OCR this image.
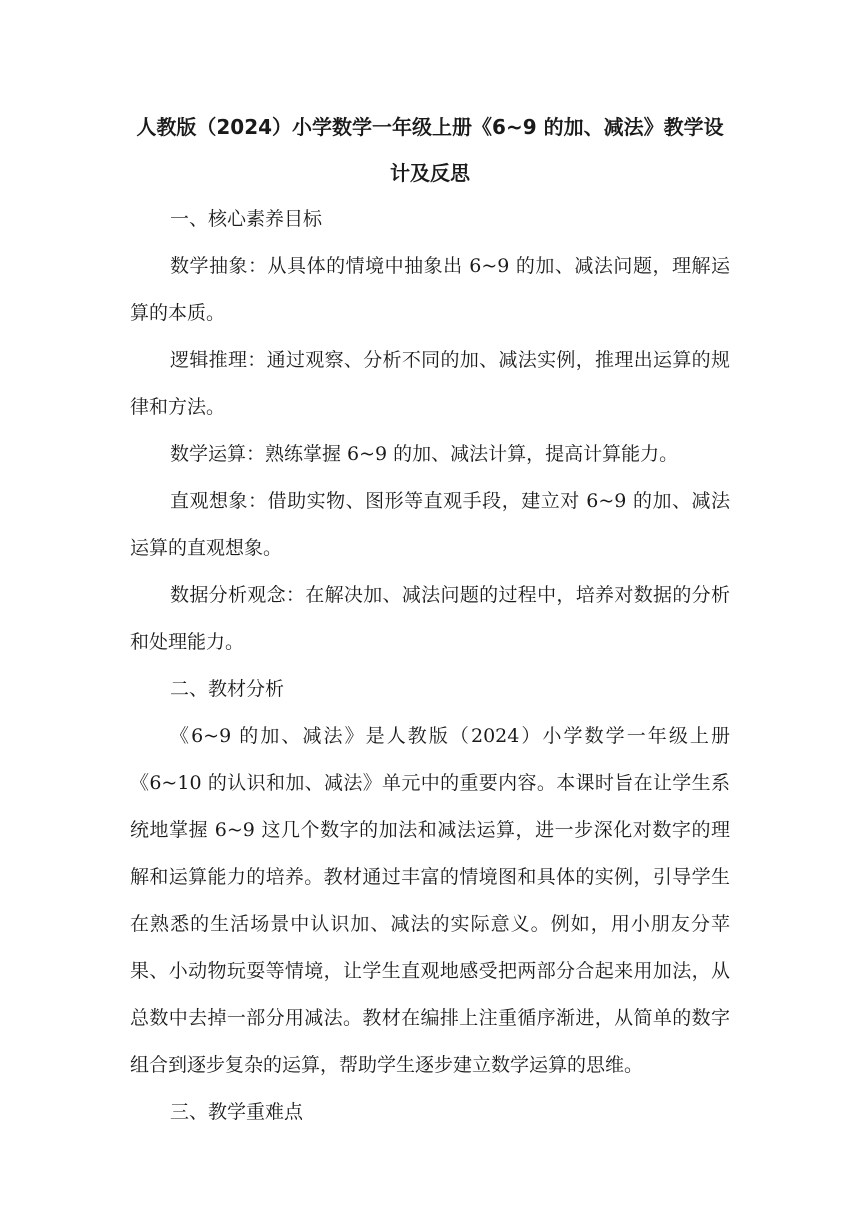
人教版（2024）小学数学一年级上册《6~9 的加、减法》教学设
计及反思

一、核心素养目标

数学抽象：从具体的情境中抽象出 6~9 的加、减法问题，理解运算的本质。

逻辑推理：通过观察、分析不同的加、减法实例，推理出运算的规律和方法。

数学运算：熟练掌握 6~9 的加、减法计算，提高计算能力。

直观想象：借助实物、图形等直观手段，建立对 6~9 的加、减法运算的直观想象。

数据分析观念：在解决加、减法问题的过程中，培养对数据的分析和处理能力。

二、教材分析

《6~9 的加、减法》是人教版（2024）小学数学一年级上册《6~10 的认识和加、减法》单元中的重要内容。本课时旨在让学生系统地掌握 6~9 这几个数字的加法和减法运算，进一步深化对数字的理解和运算能力的培养。教材通过丰富的情境图和具体的实例，引导学生在熟悉的生活场景中认识加、减法的实际意义。例如，用小朋友分苹果、小动物玩耍等情境，让学生直观地感受把两部分合起来用加法，从总数中去掉一部分用减法。教材在编排上注重循序渐进，从简单的数字组合到逐步复杂的运算，帮助学生逐步建立数学运算的思维。

三、教学重难点
